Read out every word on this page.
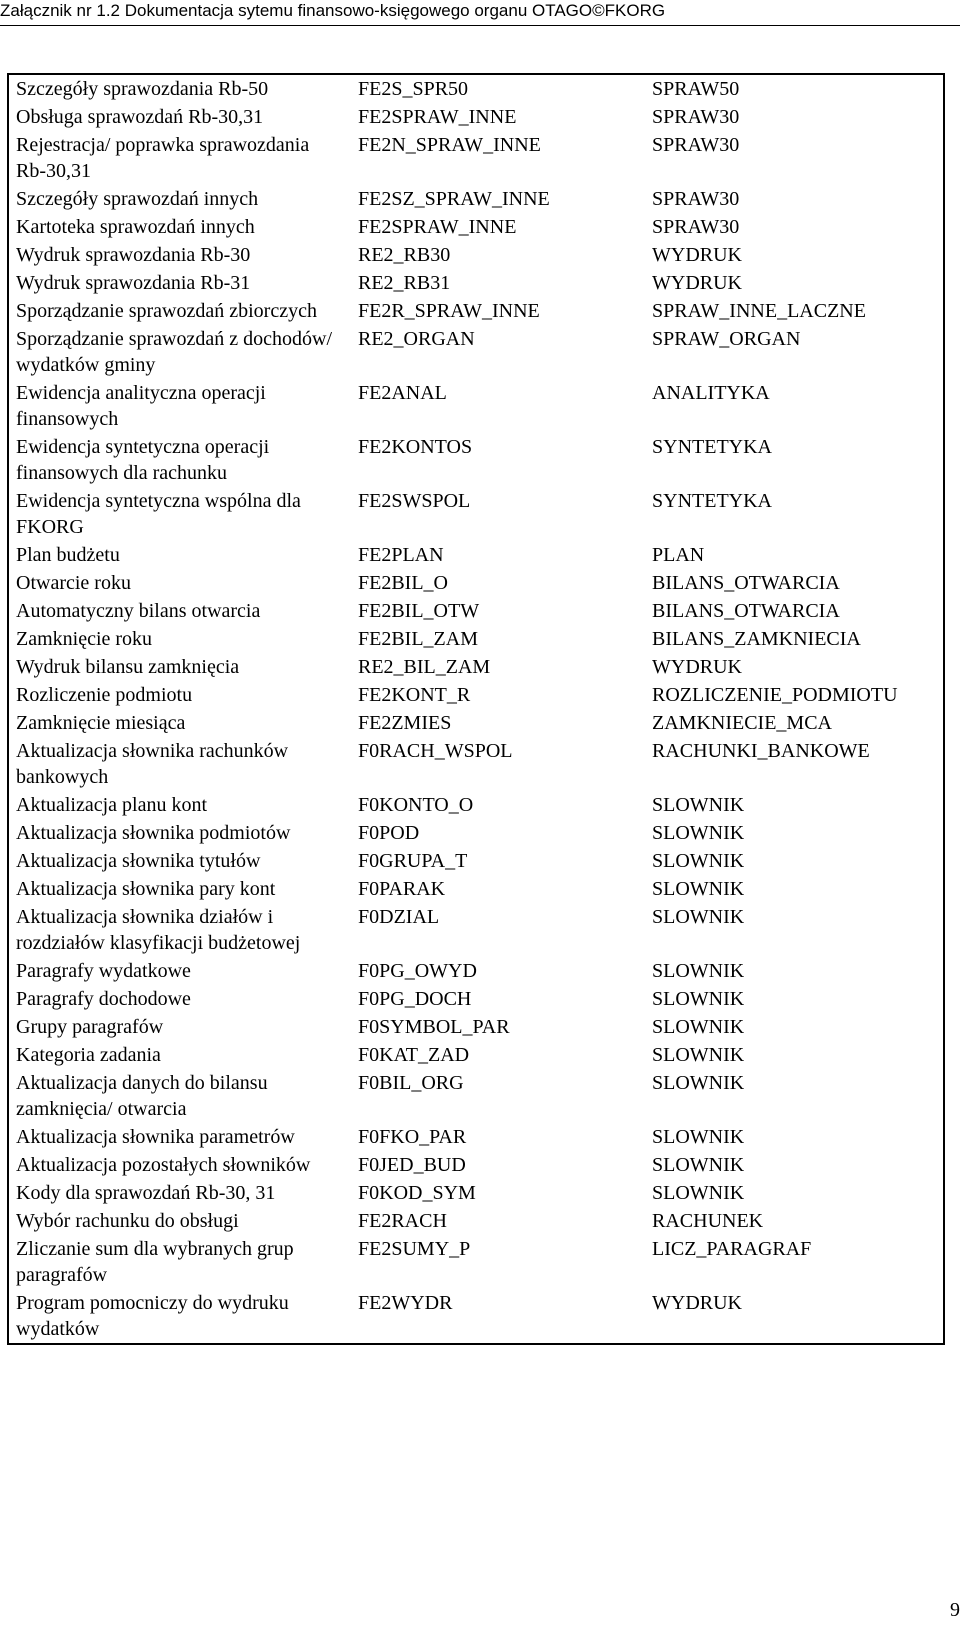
Załącznik nr 1.2 Dokumentacja sytemu finansowo-księgowego organu OTAGO©FKORG
Szczegóły sprawozdania Rb-50	FE2S_SPR50	SPRAW50
Obsługa sprawozdań Rb-30,31	FE2SPRAW_INNE	SPRAW30
Rejestracja/ poprawka sprawozdania Rb-30,31	FE2N_SPRAW_INNE	SPRAW30
Szczegóły sprawozdań innych	FE2SZ_SPRAW_INNE	SPRAW30
Kartoteka sprawozdań innych	FE2SPRAW_INNE	SPRAW30
Wydruk sprawozdania Rb-30	RE2_RB30	WYDRUK
Wydruk sprawozdania Rb-31	RE2_RB31	WYDRUK
Sporządzanie sprawozdań zbiorczych	FE2R_SPRAW_INNE	SPRAW_INNE_LACZNE
Sporządzanie sprawozdań z dochodów/ wydatków gminy	RE2_ORGAN	SPRAW_ORGAN
Ewidencja analityczna operacji finansowych	FE2ANAL	ANALITYKA
Ewidencja syntetyczna operacji finansowych dla rachunku	FE2KONTOS	SYNTETYKA
Ewidencja syntetyczna wspólna dla FKORG	FE2SWSPOL	SYNTETYKA
Plan budżetu	FE2PLAN	PLAN
Otwarcie roku	FE2BIL_O	BILANS_OTWARCIA
Automatyczny bilans otwarcia	FE2BIL_OTW	BILANS_OTWARCIA
Zamknięcie roku	FE2BIL_ZAM	BILANS_ZAMKNIECIA
Wydruk bilansu zamknięcia	RE2_BIL_ZAM	WYDRUK
Rozliczenie podmiotu	FE2KONT_R	ROZLICZENIE_PODMIOTU
Zamknięcie miesiąca	FE2ZMIES	ZAMKNIECIE_MCA
Aktualizacja słownika rachunków bankowych	F0RACH_WSPOL	RACHUNKI_BANKOWE
Aktualizacja planu kont	F0KONTO_O	SLOWNIK
Aktualizacja słownika podmiotów	F0POD	SLOWNIK
Aktualizacja słownika tytułów	F0GRUPA_T	SLOWNIK
Aktualizacja słownika pary kont	F0PARAK	SLOWNIK
Aktualizacja słownika działów i rozdziałów klasyfikacji budżetowej	F0DZIAL	SLOWNIK
Paragrafy wydatkowe	F0PG_OWYD	SLOWNIK
Paragrafy dochodowe	F0PG_DOCH	SLOWNIK
Grupy paragrafów	F0SYMBOL_PAR	SLOWNIK
Kategoria zadania	F0KAT_ZAD	SLOWNIK
Aktualizacja danych do bilansu zamknięcia/ otwarcia	F0BIL_ORG	SLOWNIK
Aktualizacja słownika parametrów	F0FKO_PAR	SLOWNIK
Aktualizacja pozostałych słowników	F0JED_BUD	SLOWNIK
Kody dla sprawozdań Rb-30, 31	F0KOD_SYM	SLOWNIK
Wybór rachunku do obsługi	FE2RACH	RACHUNEK
Zliczanie sum dla wybranych grup paragrafów	FE2SUMY_P	LICZ_PARAGRAF
Program pomocniczy do wydruku wydatków	FE2WYDR	WYDRUK
9
